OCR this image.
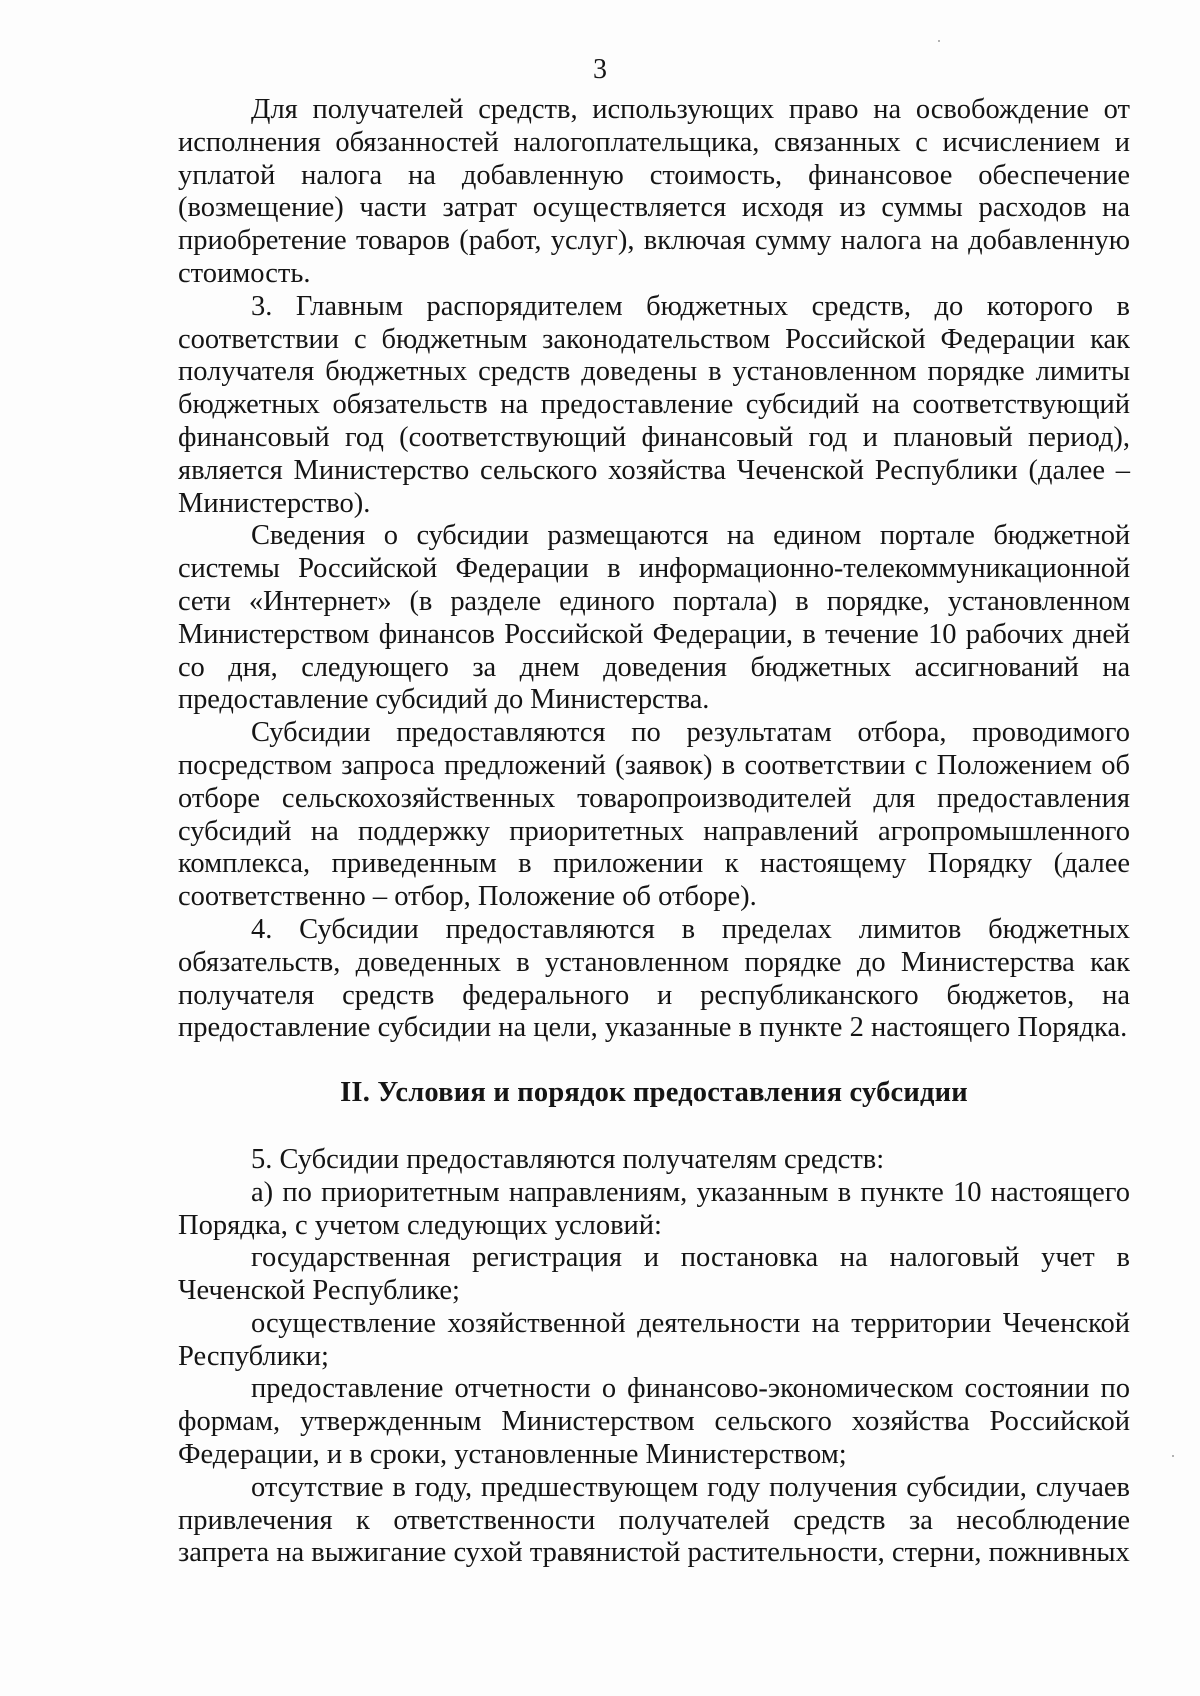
3

Для получателей средств, использующих право на освобождение от исполнения обязанностей налогоплательщика, связанных с исчислением и уплатой налога на добавленную стоимость, финансовое обеспечение (возмещение) части затрат осуществляется исходя из суммы расходов на приобретение товаров (работ, услуг), включая сумму налога на добавленную стоимость.

3. Главным распорядителем бюджетных средств, до которого в соответствии с бюджетным законодательством Российской Федерации как получателя бюджетных средств доведены в установленном порядке лимиты бюджетных обязательств на предоставление субсидий на соответствующий финансовый год (соответствующий финансовый год и плановый период), является Министерство сельского хозяйства Чеченской Республики (далее – Министерство).

Сведения о субсидии размещаются на едином портале бюджетной системы Российской Федерации в информационно-телекоммуникационной сети «Интернет» (в разделе единого портала) в порядке, установленном Министерством финансов Российской Федерации, в течение 10 рабочих дней со дня, следующего за днем доведения бюджетных ассигнований на предоставление субсидий до Министерства.

Субсидии предоставляются по результатам отбора, проводимого посредством запроса предложений (заявок) в соответствии с Положением об отборе сельскохозяйственных товаропроизводителей для предоставления субсидий на поддержку приоритетных направлений агропромышленного комплекса, приведенным в приложении к настоящему Порядку (далее соответственно – отбор, Положение об отборе).

4. Субсидии предоставляются в пределах лимитов бюджетных обязательств, доведенных в установленном порядке до Министерства как получателя средств федерального и республиканского бюджетов, на предоставление субсидии на цели, указанные в пункте 2 настоящего Порядка.

II. Условия и порядок предоставления субсидии

5. Субсидии предоставляются получателям средств:

а) по приоритетным направлениям, указанным в пункте 10 настоящего Порядка, с учетом следующих условий:

государственная регистрация и постановка на налоговый учет в Чеченской Республике;

осуществление хозяйственной деятельности на территории Чеченской Республики;

предоставление отчетности о финансово-экономическом состоянии по формам, утвержденным Министерством сельского хозяйства Российской Федерации, и в сроки, установленные Министерством;

отсутствие в году, предшествующем году получения субсидии, случаев привлечения к ответственности получателей средств за несоблюдение запрета на выжигание сухой травянистой растительности, стерни, пожнивных
